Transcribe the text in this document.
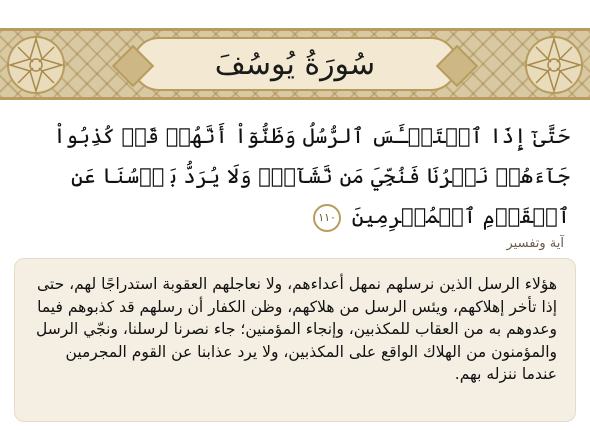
سُورَةُ يُوسُفَ
حَتَّىٰٓ إِذَا ٱسۡتَيۡـَٔسَ ٱلرُّسُلُ وَظَنُّوٓاْ أَنَّهُمۡ قَدۡ كُذِبُواْ جَآءَهُمۡ نَصۡرُنَا فَنُجِّيَ مَن نَّشَآءُۖ وَلَا يُرَدُّ بَأۡسُنَا عَنِ ٱلۡقَوۡمِ ٱلۡمُجۡرِمِينَ ١١٠
آية وتفسير
هؤلاء الرسل الذين نرسلهم نمهل أعداءهم، ولا نعاجلهم العقوبة استدراجًا لهم، حتى إذا تأخر إهلاكهم، ويئس الرسل من هلاكهم، وظن الكفار أن رسلهم قد كذبوهم فيما وعدوهم به من العقاب للمكذبين، وإنجاء المؤمنين؛ جاء نصرنا لرسلنا، ونجّي الرسل والمؤمنون من الهلاك الواقع على المكذبين، ولا يرد عذابنا عن القوم المجرمين عندما ننزله بهم.
